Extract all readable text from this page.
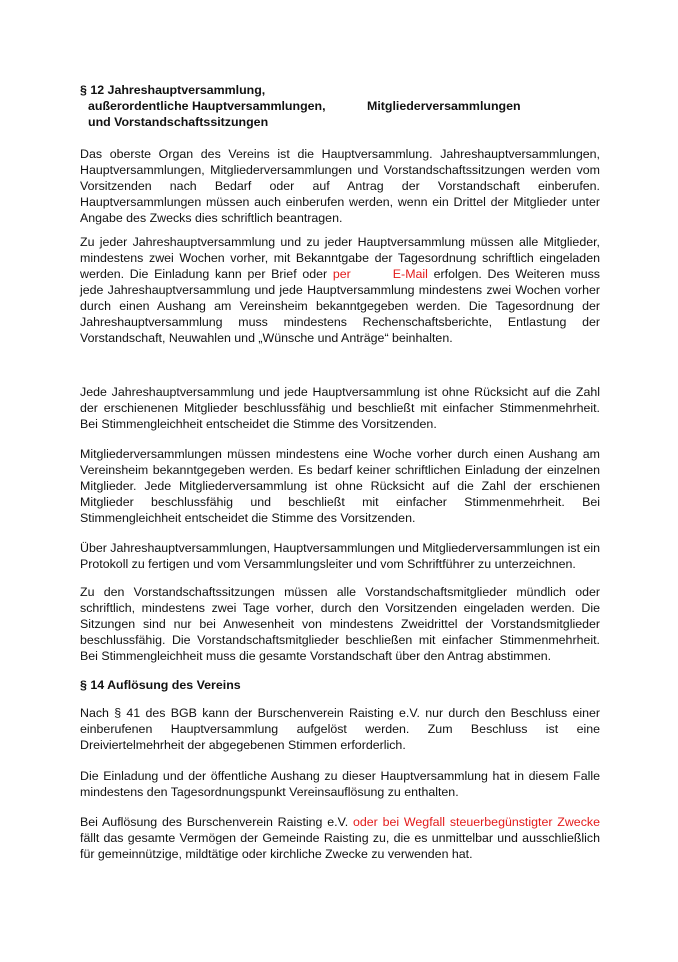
§ 12 Jahreshauptversammlung,
außerordentliche Hauptversammlungen,	Mitgliederversammlungen
und Vorstandschaftssitzungen

Das oberste Organ des Vereins ist die Hauptversammlung. Jahreshauptversammlungen, Hauptversammlungen, Mitgliederversammlungen und Vorstandschaftssitzungen werden vom Vorsitzenden nach Bedarf oder auf Antrag der Vorstandschaft einberufen. Hauptversammlungen müssen auch einberufen werden, wenn ein Drittel der Mitglieder unter Angabe des Zwecks dies schriftlich beantragen.

Zu jeder Jahreshauptversammlung und zu jeder Hauptversammlung müssen alle Mitglieder, mindestens zwei Wochen vorher, mit Bekanntgabe der Tagesordnung schriftlich eingeladen werden. Die Einladung kann per Brief oder per	E-Mail erfolgen. Des Weiteren muss jede Jahreshauptversammlung und jede Hauptversammlung mindestens zwei Wochen vorher durch einen Aushang am Vereinsheim bekanntgegeben werden. Die Tagesordnung der Jahreshauptversammlung muss mindestens Rechenschaftsberichte, Entlastung der Vorstandschaft, Neuwahlen und „Wünsche und Anträge“ beinhalten.

Jede Jahreshauptversammlung und jede Hauptversammlung ist ohne Rücksicht auf die Zahl der erschienenen Mitglieder beschlussfähig und beschließt mit einfacher Stimmenmehrheit. Bei Stimmengleichheit entscheidet die Stimme des Vorsitzenden.

Mitgliederversammlungen müssen mindestens eine Woche vorher durch einen Aushang am Vereinsheim bekanntgegeben werden. Es bedarf keiner schriftlichen Einladung der einzelnen Mitglieder. Jede Mitgliederversammlung ist ohne Rücksicht auf die Zahl der erschienen Mitglieder beschlussfähig und beschließt mit einfacher Stimmenmehrheit. Bei Stimmengleichheit entscheidet die Stimme des Vorsitzenden.

Über Jahreshauptversammlungen, Hauptversammlungen und Mitgliederversammlungen ist ein Protokoll zu fertigen und vom Versammlungsleiter und vom Schriftführer zu unterzeichnen.

Zu den Vorstandschaftssitzungen müssen alle Vorstandschaftsmitglieder mündlich oder schriftlich, mindestens zwei Tage vorher, durch den Vorsitzenden eingeladen werden. Die Sitzungen sind nur bei Anwesenheit von mindestens Zweidrittel der Vorstandsmitglieder beschlussfähig. Die Vorstandschaftsmitglieder beschließen mit einfacher Stimmenmehrheit. Bei Stimmengleichheit muss die gesamte Vorstandschaft über den Antrag abstimmen.

§ 14 Auflösung des Vereins

Nach § 41 des BGB kann der Burschenverein Raisting e.V. nur durch den Beschluss einer einberufenen Hauptversammlung aufgelöst werden. Zum Beschluss ist eine Dreiviertelmehrheit der abgegebenen Stimmen erforderlich.

Die Einladung und der öffentliche Aushang zu dieser Hauptversammlung hat in diesem Falle mindestens den Tagesordnungspunkt Vereinsauflösung zu enthalten.

Bei Auflösung des Burschenverein Raisting e.V. oder bei Wegfall steuerbegünstigter Zwecke fällt das gesamte Vermögen der Gemeinde Raisting zu, die es unmittelbar und ausschließlich für gemeinnützige, mildtätige oder kirchliche Zwecke zu verwenden hat.
